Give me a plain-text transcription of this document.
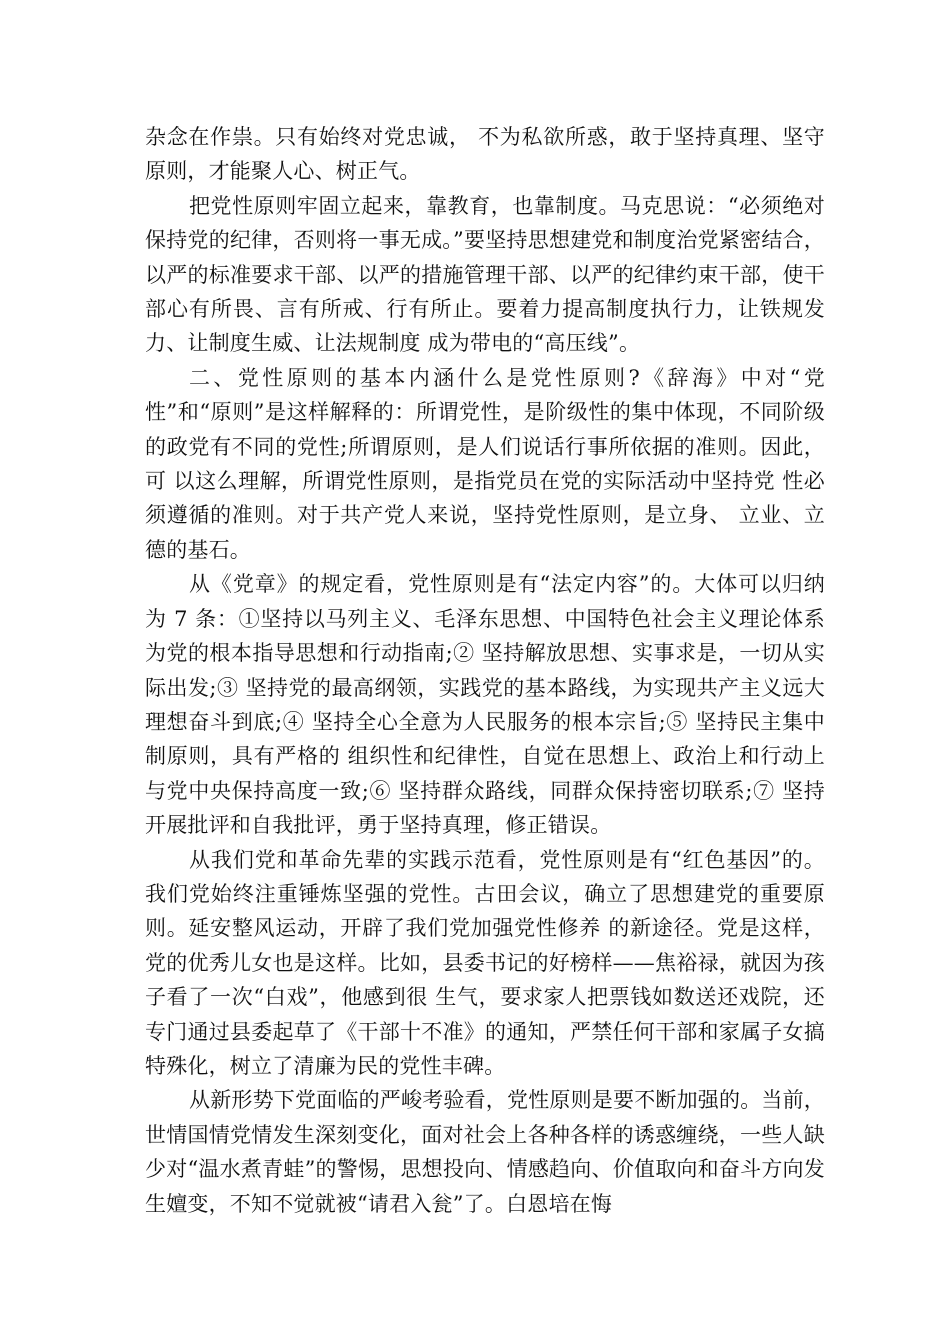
杂念在作祟。只有始终对党忠诚， 不为私欲所惑，敢于坚持真理、坚守原则，才能聚人心、树正气。

把党性原则牢固立起来，靠教育，也靠制度。马克思说：“必须绝对保持党的纪律，否则将一事无成。”要坚持思想建党和制度治党紧密结合，以严的标准要求干部、以严的措施管理干部、以严的纪律约束干部，使干部心有所畏、言有所戒、行有所止。要着力提高制度执行力，让铁规发力、让制度生威、让法规制度 成为带电的“高压线”。

二、党性原则的基本内涵什么是党性原则?《辞海》中对“党性”和“原则”是这样解释的：所谓党性，是阶级性的集中体现，不同阶级的政党有不同的党性;所谓原则，是人们说话行事所依据的准则。因此，可 以这么理解，所谓党性原则，是指党员在党的实际活动中坚持党 性必须遵循的准则。对于共产党人来说，坚持党性原则，是立身、 立业、立德的基石。

从《党章》的规定看，党性原则是有“法定内容”的。大体可以归纳为 7 条：①坚持以马列主义、毛泽东思想、中国特色社会主义理论体系为党的根本指导思想和行动指南;② 坚持解放思想、实事求是，一切从实际出发;③ 坚持党的最高纲领，实践党的基本路线，为实现共产主义远大理想奋斗到底;④ 坚持全心全意为人民服务的根本宗旨;⑤ 坚持民主集中制原则，具有严格的 组织性和纪律性，自觉在思想上、政治上和行动上与党中央保持高度一致;⑥ 坚持群众路线，同群众保持密切联系;⑦ 坚持开展批评和自我批评，勇于坚持真理，修正错误。

从我们党和革命先辈的实践示范看，党性原则是有“红色基因”的。我们党始终注重锤炼坚强的党性。古田会议，确立了思想建党的重要原则。延安整风运动，开辟了我们党加强党性修养 的新途径。党是这样，党的优秀儿女也是这样。比如，县委书记的好榜样——焦裕禄，就因为孩子看了一次“白戏”，他感到很 生气，要求家人把票钱如数送还戏院，还专门通过县委起草了《干部十不准》的通知，严禁任何干部和家属子女搞特殊化，树立了清廉为民的党性丰碑。

从新形势下党面临的严峻考验看，党性原则是要不断加强的。当前，世情国情党情发生深刻变化，面对社会上各种各样的诱惑缠绕，一些人缺少对“温水煮青蛙”的警惕，思想投向、情感趋向、价值取向和奋斗方向发生嬗变，不知不觉就被“请君入瓮”了。白恩培在悔
